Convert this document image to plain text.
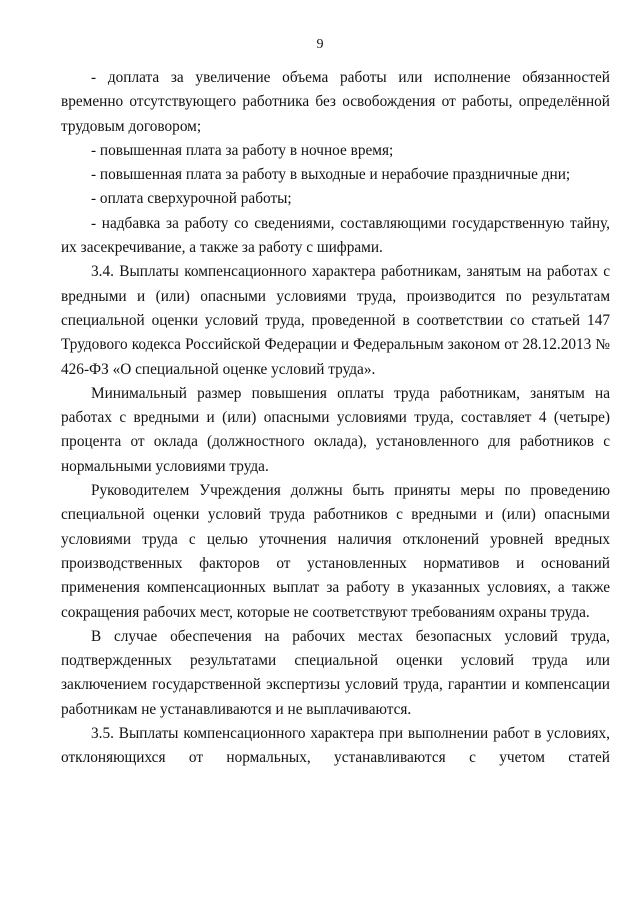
9

- доплата за увеличение объема работы или исполнение обязанностей временно отсутствующего работника без освобождения от работы, определённой трудовым договором;

- повышенная плата за работу в ночное время;

- повышенная плата за работу в выходные и нерабочие праздничные дни;

- оплата сверхурочной работы;

- надбавка за работу со сведениями, составляющими государственную тайну, их засекречивание, а также за работу с шифрами.

3.4. Выплаты компенсационного характера работникам, занятым на работах с вредными и (или) опасными условиями труда, производится по результатам специальной оценки условий труда, проведенной в соответствии со статьей 147 Трудового кодекса Российской Федерации и Федеральным законом от 28.12.2013 № 426-ФЗ «О специальной оценке условий труда».

Минимальный размер повышения оплаты труда работникам, занятым на работах с вредными и (или) опасными условиями труда, составляет 4 (четыре) процента от оклада (должностного оклада), установленного для работников с нормальными условиями труда.

Руководителем Учреждения должны быть приняты меры по проведению специальной оценки условий труда работников с вредными и (или) опасными условиями труда с целью уточнения наличия отклонений уровней вредных производственных факторов от установленных нормативов и оснований применения компенсационных выплат за работу в указанных условиях, а также сокращения рабочих мест, которые не соответствуют требованиям охраны труда.

В случае обеспечения на рабочих местах безопасных условий труда, подтвержденных результатами специальной оценки условий труда или заключением государственной экспертизы условий труда, гарантии и компенсации работникам не устанавливаются и не выплачиваются.

3.5. Выплаты компенсационного характера при выполнении работ в условиях, отклоняющихся от нормальных, устанавливаются с учетом статей
